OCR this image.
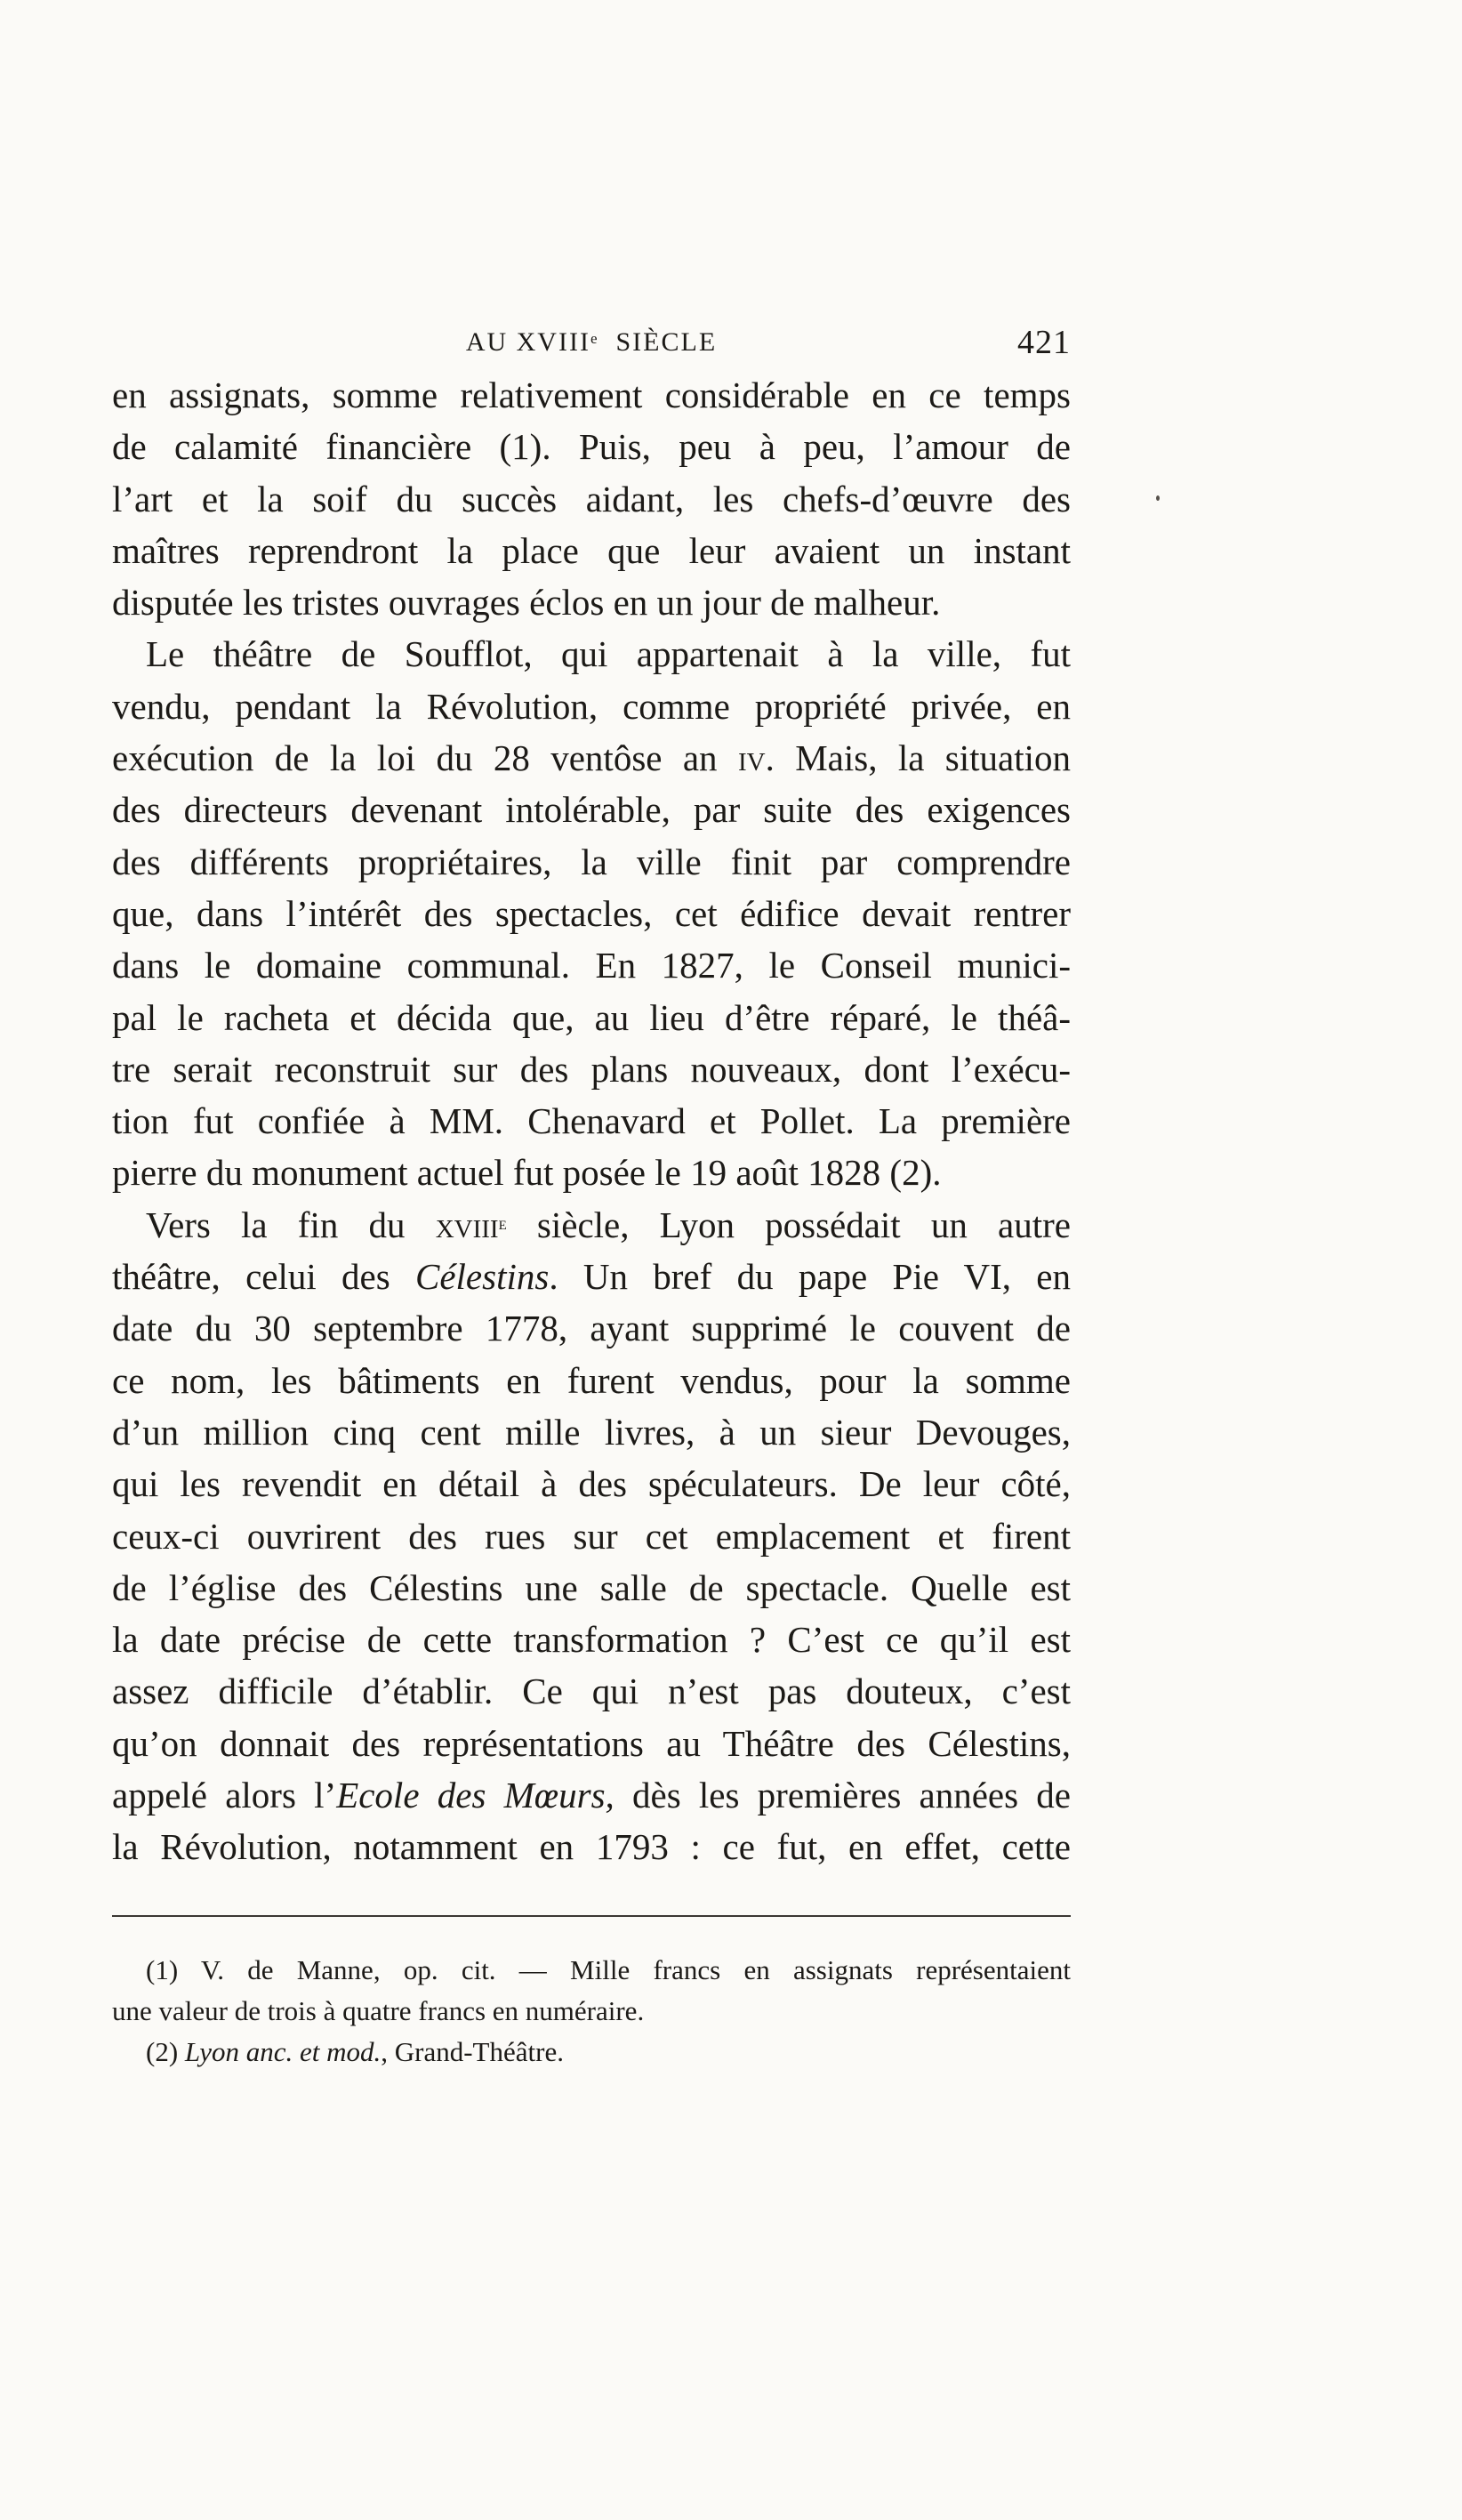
AU XVIIIe SIÈCLE	421
en assignats, somme relativement considérable en ce temps
de calamité financière (1). Puis, peu à peu, l’amour de
l’art et la soif du succès aidant, les chefs-d’œuvre des
maîtres reprendront la place que leur avaient un instant
disputée les tristes ouvrages éclos en un jour de malheur.
Le théâtre de Soufflot, qui appartenait à la ville, fut
vendu, pendant la Révolution, comme propriété privée, en
exécution de la loi du 28 ventôse an iv. Mais, la situation
des directeurs devenant intolérable, par suite des exigences
des différents propriétaires, la ville finit par comprendre
que, dans l’intérêt des spectacles, cet édifice devait rentrer
dans le domaine communal. En 1827, le Conseil munici-
pal le racheta et décida que, au lieu d’être réparé, le théâ-
tre serait reconstruit sur des plans nouveaux, dont l’exécu-
tion fut confiée à MM. Chenavard et Pollet. La première
pierre du monument actuel fut posée le 19 août 1828 (2).
Vers la fin du xviii$^e$ siècle, Lyon possédait un autre
théâtre, celui des Célestins. Un bref du pape Pie VI, en
date du 30 septembre 1778, ayant supprimé le couvent de
ce nom, les bâtiments en furent vendus, pour la somme
d’un million cinq cent mille livres, à un sieur Devouges,
qui les revendit en détail à des spéculateurs. De leur côté,
ceux-ci ouvrirent des rues sur cet emplacement et firent
de l’église des Célestins une salle de spectacle. Quelle est
la date précise de cette transformation ? C’est ce qu’il est
assez difficile d’établir. Ce qui n’est pas douteux, c’est
qu’on donnait des représentations au Théâtre des Célestins,
appelé alors l’Ecole des Mœurs, dès les premières années de
la Révolution, notamment en 1793 : ce fut, en effet, cette
(1) V. de Manne, op. cit. — Mille francs en assignats représentaient
une valeur de trois à quatre francs en numéraire.
(2) Lyon anc. et mod., Grand-Théâtre.
